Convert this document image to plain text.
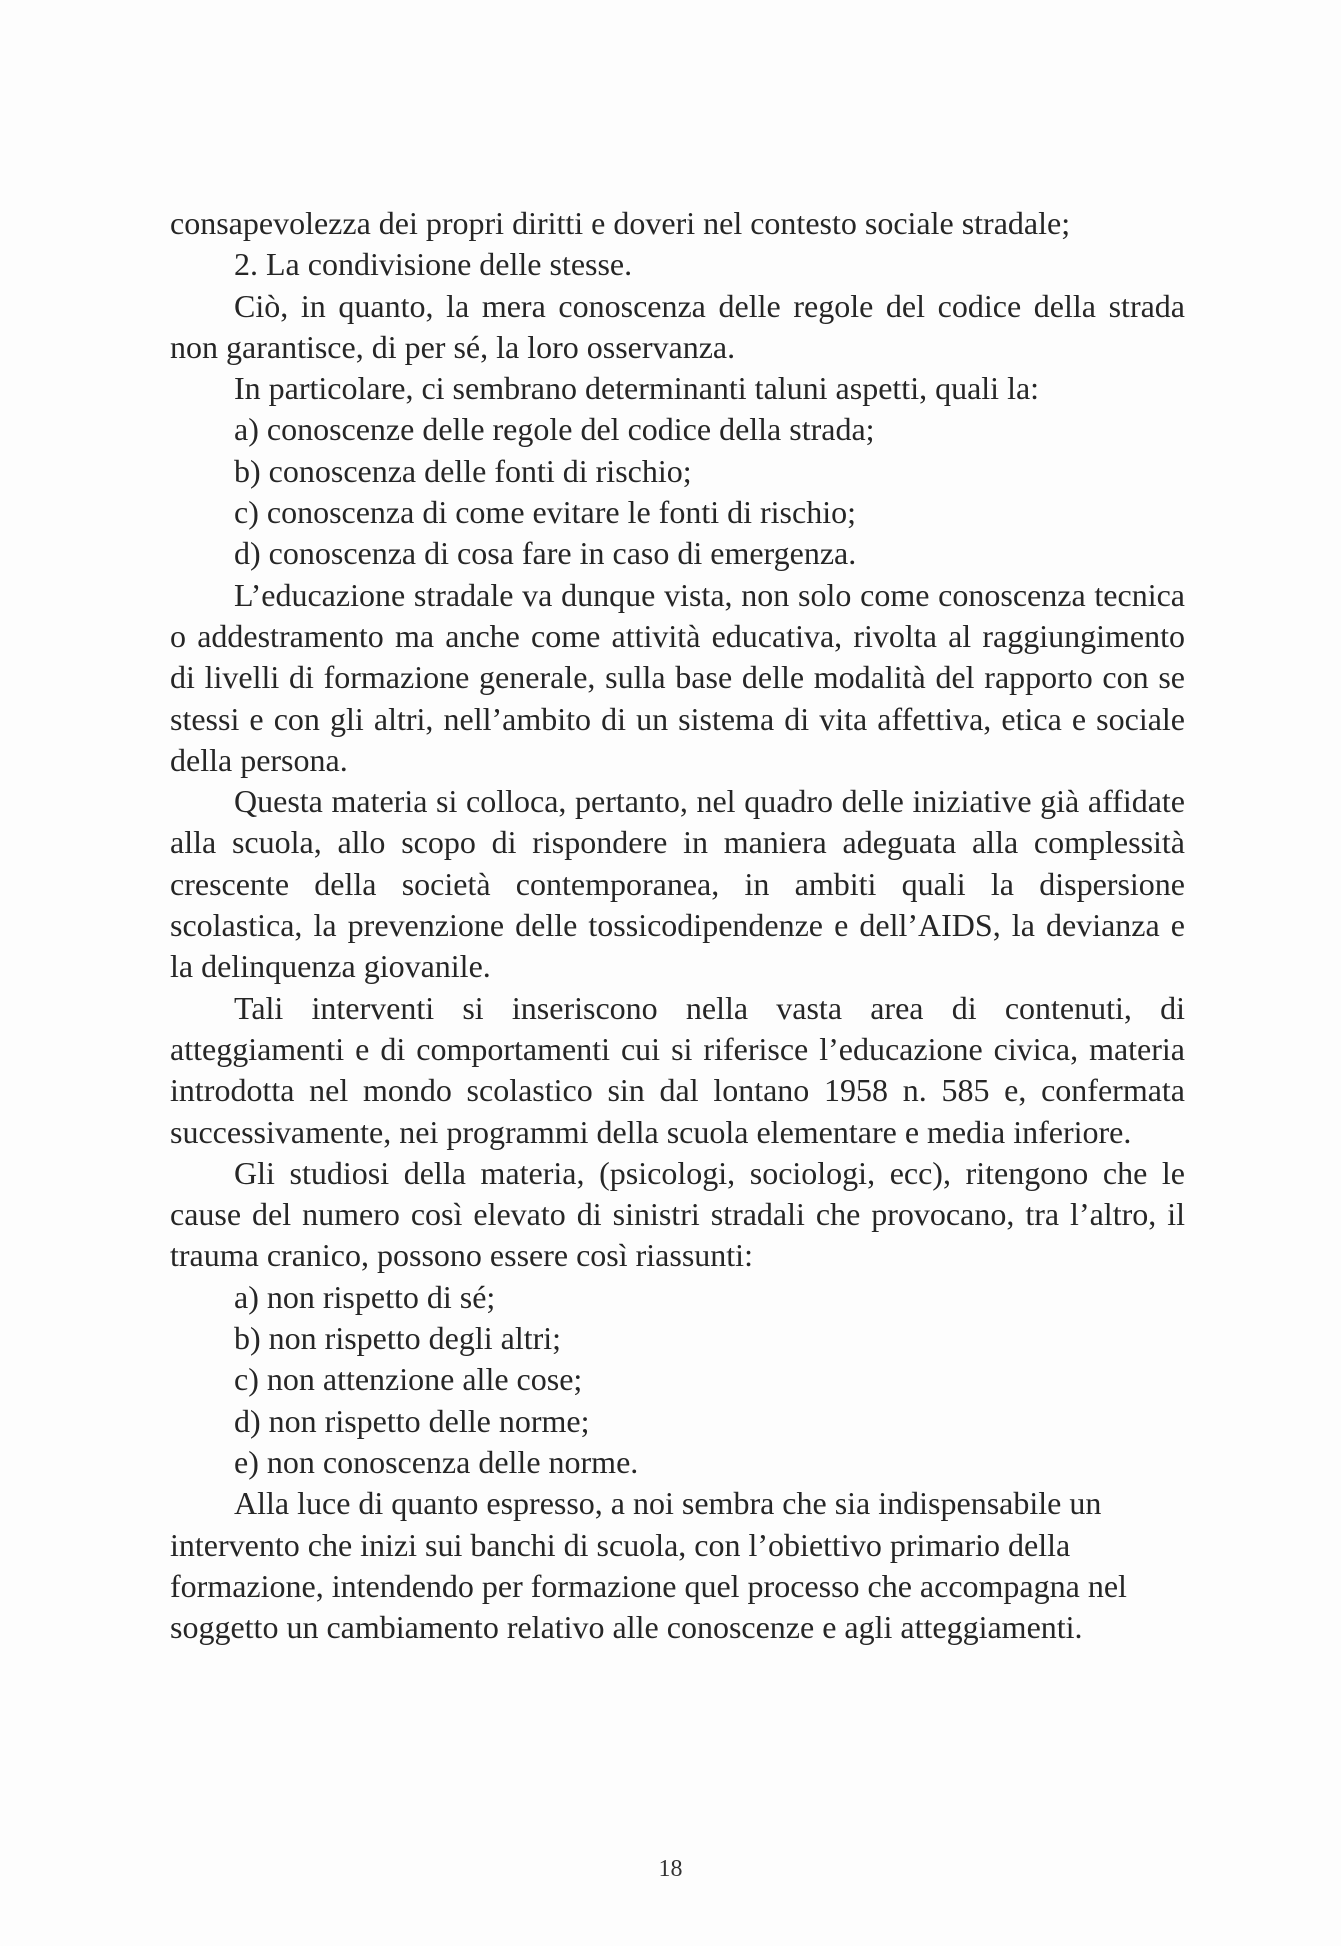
consapevolezza dei propri diritti e doveri nel contesto sociale stradale;

2. La condivisione delle stesse.

Ciò, in quanto, la mera conoscenza delle regole del codice della strada non garantisce, di per sé, la loro osservanza.

In particolare, ci sembrano determinanti taluni aspetti, quali la:

a) conoscenze delle regole del codice della strada;

b) conoscenza delle fonti di rischio;

c) conoscenza di come evitare le fonti di rischio;

d) conoscenza di cosa fare in caso di emergenza.

L’educazione stradale va dunque vista, non solo come conoscenza tecnica o addestramento ma anche come attività educativa, rivolta al raggiungimento di livelli di formazione generale, sulla base delle modalità del rapporto con se stessi e con gli altri, nell’ambito di un sistema di vita affettiva, etica e sociale della persona.

Questa materia si colloca, pertanto, nel quadro delle iniziative già affidate alla scuola, allo scopo di rispondere in maniera adeguata alla complessità crescente della società contemporanea, in ambiti quali la dispersione scolastica, la prevenzione delle tossicodipendenze e dell’AIDS, la devianza e la delinquenza giovanile.

Tali interventi si inseriscono nella vasta area di contenuti, di atteggiamenti e di comportamenti cui si riferisce l’educazione civica, materia introdotta nel mondo scolastico sin dal lontano 1958 n. 585 e, confermata successivamente, nei programmi della scuola elementare e media inferiore.

Gli studiosi della materia, (psicologi, sociologi, ecc), ritengono che le cause del numero così elevato di sinistri stradali che provocano, tra l’altro, il trauma cranico, possono essere così riassunti:

a) non rispetto di sé;

b) non rispetto degli altri;

c) non attenzione alle cose;

d) non rispetto delle norme;

e) non conoscenza delle norme.

Alla luce di quanto espresso, a noi sembra che sia indispensabile un intervento che inizi sui banchi di scuola, con l’obiettivo primario della formazione, intendendo per formazione quel processo che accompagna nel soggetto un cambiamento relativo alle conoscenze e agli atteggiamenti.

18
